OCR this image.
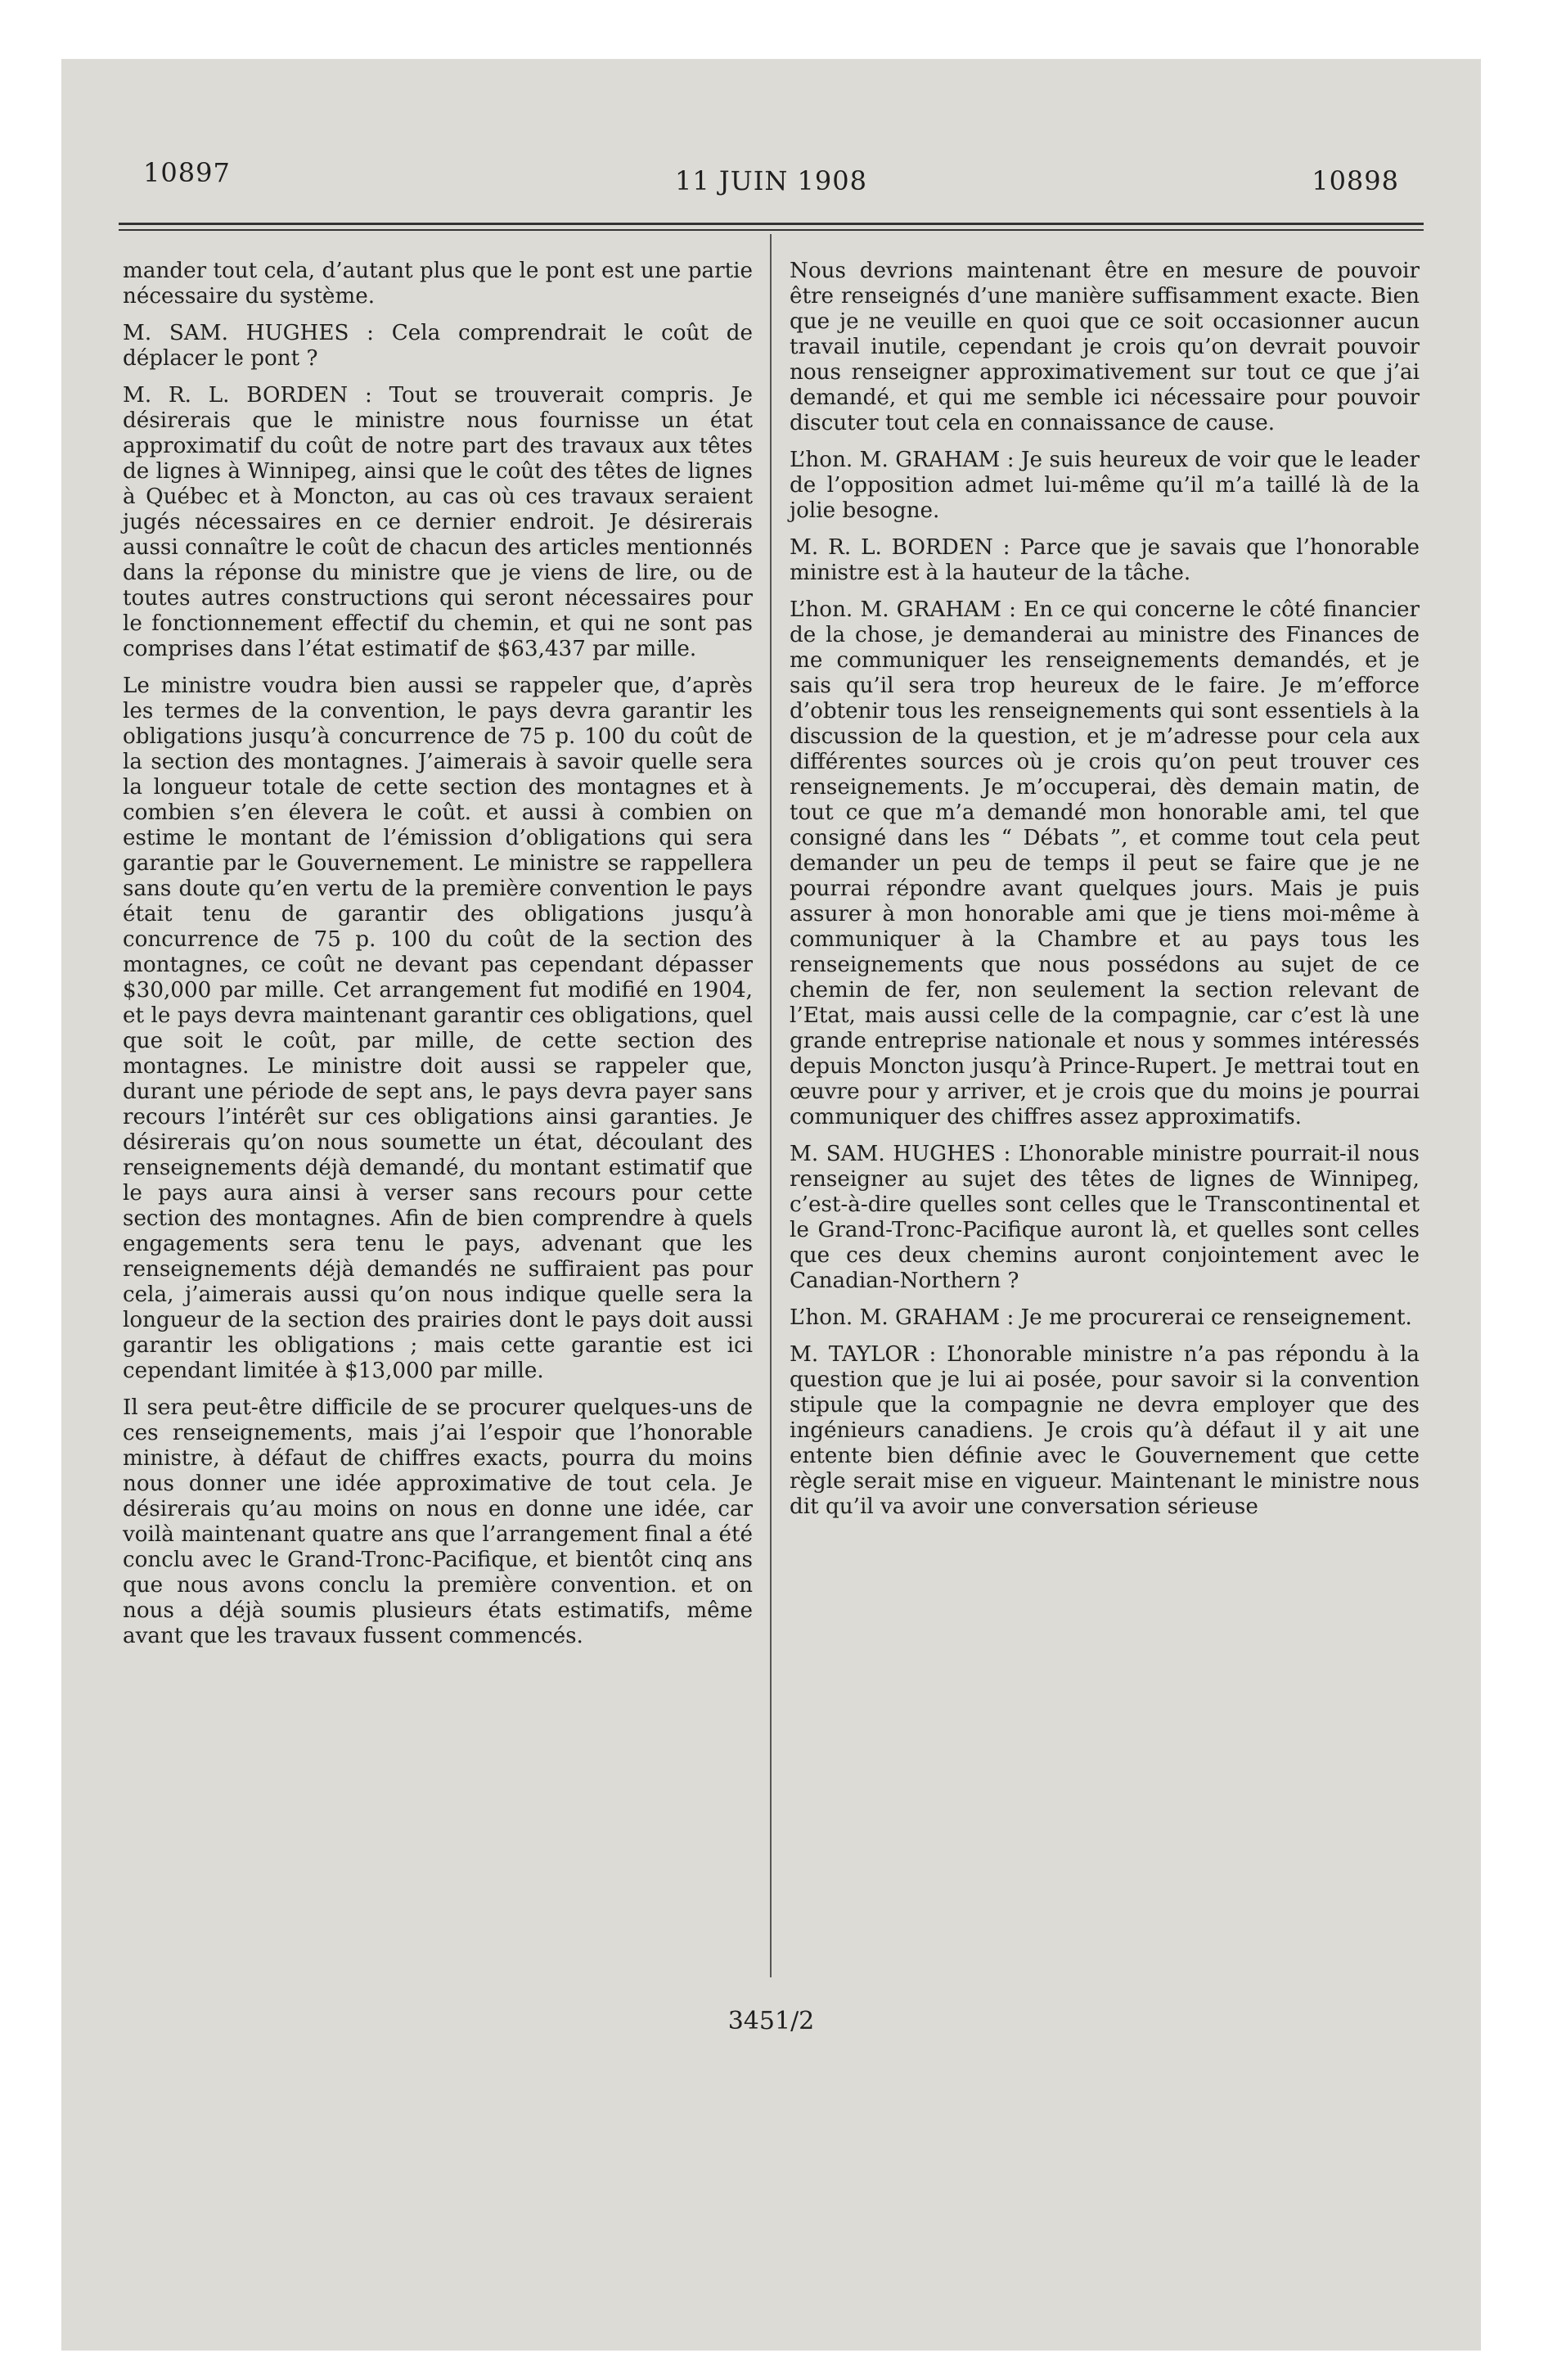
10897	11 JUIN 1908	10898

mander tout cela, d’autant plus que le pont est une partie nécessaire du système.

M. SAM. HUGHES : Cela comprendrait le coût de déplacer le pont ?

M. R. L. BORDEN : Tout se trouverait compris. Je désirerais que le ministre nous fournisse un état approximatif du coût de notre part des travaux aux têtes de lignes à Winnipeg, ainsi que le coût des têtes de lignes à Québec et à Moncton, au cas où ces travaux seraient jugés nécessaires en ce dernier endroit. Je désirerais aussi connaître le coût de chacun des articles mentionnés dans la réponse du ministre que je viens de lire, ou de toutes autres constructions qui seront nécessaires pour le fonctionnement effectif du chemin, et qui ne sont pas comprises dans l’état estimatif de $63,437 par mille.

Le ministre voudra bien aussi se rappeler que, d’après les termes de la convention, le pays devra garantir les obligations jusqu’à concurrence de 75 p. 100 du coût de la section des montagnes. J’aimerais à savoir quelle sera la longueur totale de cette section des montagnes et à combien s’en élevera le coût. et aussi à combien on estime le montant de l’émission d’obligations qui sera garantie par le Gouvernement. Le ministre se rappellera sans doute qu’en vertu de la première convention le pays était tenu de garantir des obligations jusqu’à concurrence de 75 p. 100 du coût de la section des montagnes, ce coût ne devant pas cependant dépasser $30,000 par mille. Cet arrangement fut modifié en 1904, et le pays devra maintenant garantir ces obligations, quel que soit le coût, par mille, de cette section des montagnes. Le ministre doit aussi se rappeler que, durant une période de sept ans, le pays devra payer sans recours l’intérêt sur ces obligations ainsi garanties. Je désirerais qu’on nous soumette un état, découlant des renseignements déjà demandé, du montant estimatif que le pays aura ainsi à verser sans recours pour cette section des montagnes. Afin de bien comprendre à quels engagements sera tenu le pays, advenant que les renseignements déjà demandés ne suffiraient pas pour cela, j’aimerais aussi qu’on nous indique quelle sera la longueur de la section des prairies dont le pays doit aussi garantir les obligations ; mais cette garantie est ici cependant limitée à $13,000 par mille.

Il sera peut-être difficile de se procurer quelques-uns de ces renseignements, mais j’ai l’espoir que l’honorable ministre, à défaut de chiffres exacts, pourra du moins nous donner une idée approximative de tout cela. Je désirerais qu’au moins on nous en donne une idée, car voilà maintenant quatre ans que l’arrangement final a été conclu avec le Grand-Tronc-Pacifique, et bientôt cinq ans que nous avons conclu la première convention. et on nous a déjà soumis plusieurs états estimatifs, même avant que les travaux fussent commencés.

Nous devrions maintenant être en mesure de pouvoir être renseignés d’une manière suffisamment exacte. Bien que je ne veuille en quoi que ce soit occasionner aucun travail inutile, cependant je crois qu’on devrait pouvoir nous renseigner approximativement sur tout ce que j’ai demandé, et qui me semble ici nécessaire pour pouvoir discuter tout cela en connaissance de cause.

L’hon. M. GRAHAM : Je suis heureux de voir que le leader de l’opposition admet lui-même qu’il m’a taillé là de la jolie besogne.

M. R. L. BORDEN : Parce que je savais que l’honorable ministre est à la hauteur de la tâche.

L’hon. M. GRAHAM : En ce qui concerne le côté financier de la chose, je demanderai au ministre des Finances de me communiquer les renseignements demandés, et je sais qu’il sera trop heureux de le faire. Je m’efforce d’obtenir tous les renseignements qui sont essentiels à la discussion de la question, et je m’adresse pour cela aux différentes sources où je crois qu’on peut trouver ces renseignements. Je m’occuperai, dès demain matin, de tout ce que m’a demandé mon honorable ami, tel que consigné dans les “ Débats ”, et comme tout cela peut demander un peu de temps il peut se faire que je ne pourrai répondre avant quelques jours. Mais je puis assurer à mon honorable ami que je tiens moi-même à communiquer à la Chambre et au pays tous les renseignements que nous possédons au sujet de ce chemin de fer, non seulement la section relevant de l’Etat, mais aussi celle de la compagnie, car c’est là une grande entreprise nationale et nous y sommes intéressés depuis Moncton jusqu’à Prince-Rupert. Je mettrai tout en œuvre pour y arriver, et je crois que du moins je pourrai communiquer des chiffres assez approximatifs.

M. SAM. HUGHES : L’honorable ministre pourrait-il nous renseigner au sujet des têtes de lignes de Winnipeg, c’est-à-dire quelles sont celles que le Transcontinental et le Grand-Tronc-Pacifique auront là, et quelles sont celles que ces deux chemins auront conjointement avec le Canadian-Northern ?

L’hon. M. GRAHAM : Je me procurerai ce renseignement.

M. TAYLOR : L’honorable ministre n’a pas répondu à la question que je lui ai posée, pour savoir si la convention stipule que la compagnie ne devra employer que des ingénieurs canadiens. Je crois qu’à défaut il y ait une entente bien définie avec le Gouvernement que cette règle serait mise en vigueur. Maintenant le ministre nous dit qu’il va avoir une conversation sérieuse

3451/2
